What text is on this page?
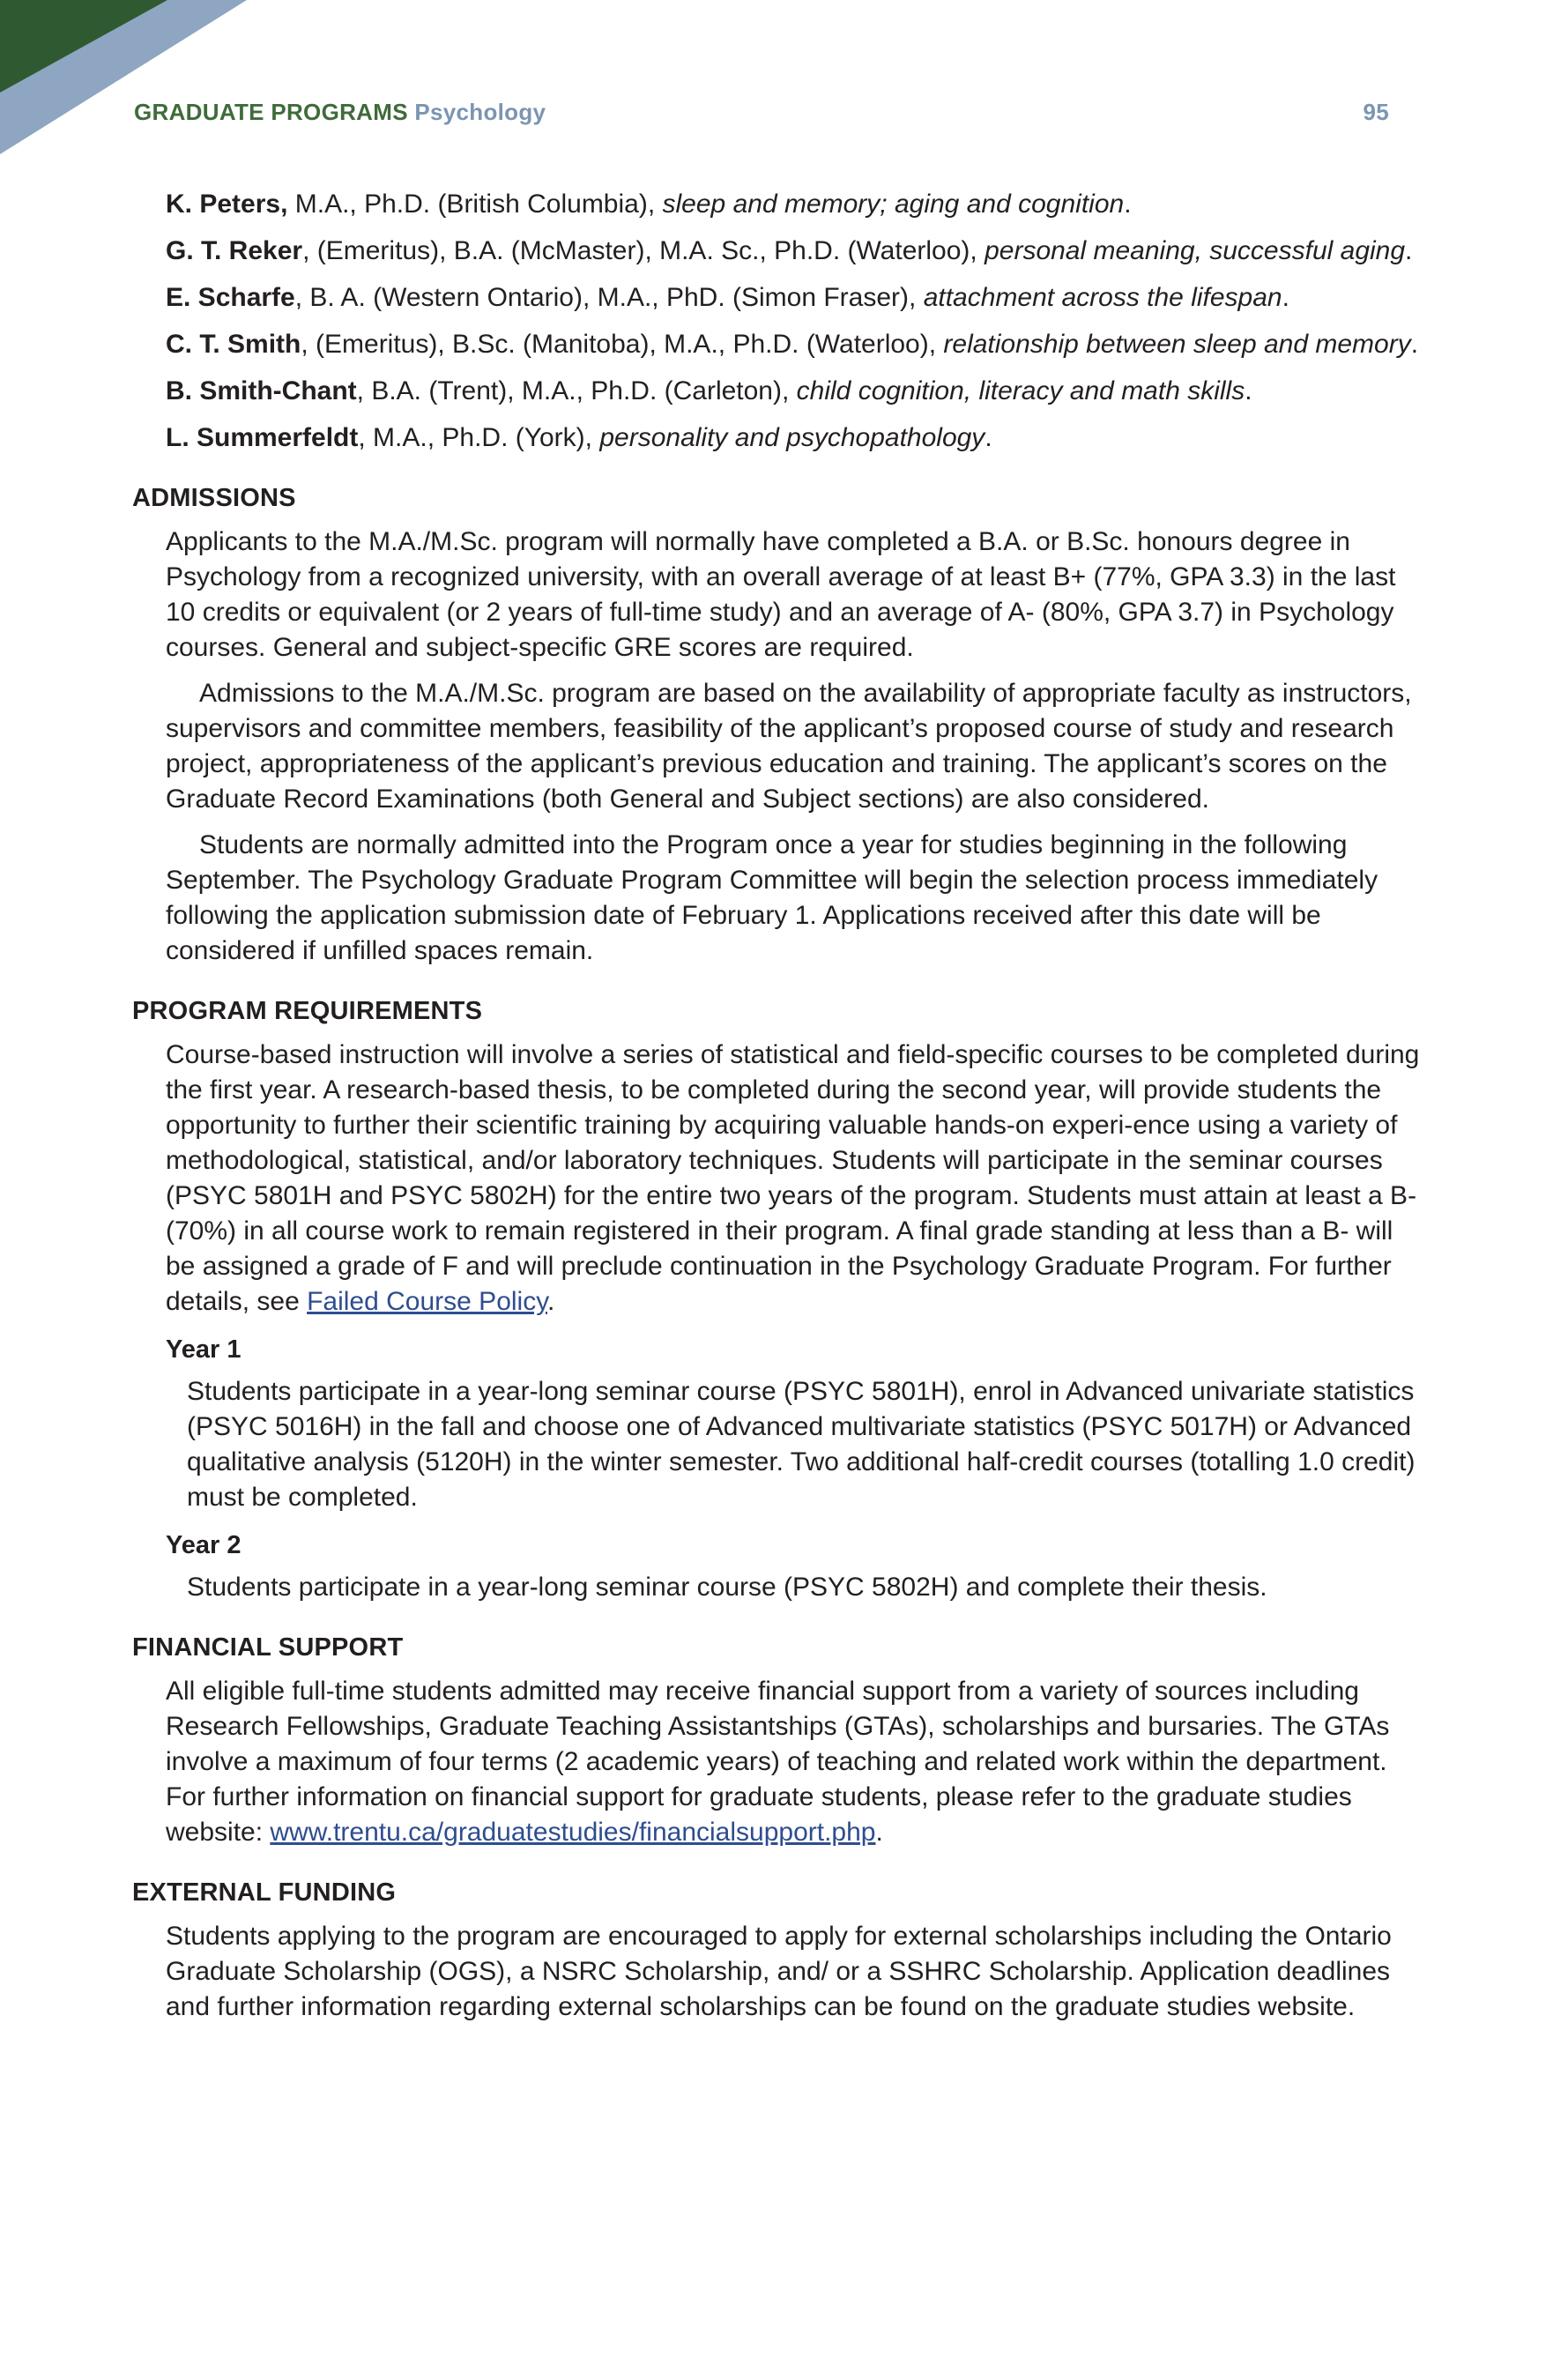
GRADUATE PROGRAMS Psychology	95
K. Peters, M.A., Ph.D. (British Columbia), sleep and memory; aging and cognition.
G. T. Reker, (Emeritus), B.A. (McMaster), M.A. Sc., Ph.D. (Waterloo), personal meaning, successful aging.
E. Scharfe, B. A. (Western Ontario), M.A., PhD. (Simon Fraser), attachment across the lifespan.
C. T. Smith, (Emeritus), B.Sc. (Manitoba), M.A., Ph.D. (Waterloo), relationship between sleep and memory.
B. Smith-Chant, B.A. (Trent), M.A., Ph.D. (Carleton), child cognition, literacy and math skills.
L. Summerfeldt, M.A., Ph.D. (York), personality and psychopathology.
ADMISSIONS

Applicants to the M.A./M.Sc. program will normally have completed a B.A. or B.Sc. honours degree in Psychology from a recognized university, with an overall average of at least B+ (77%, GPA 3.3) in the last 10 credits or equivalent (or 2 years of full-time study) and an average of A- (80%, GPA 3.7) in Psychology courses. General and subject-specific GRE scores are required.

Admissions to the M.A./M.Sc. program are based on the availability of appropriate faculty as instructors, supervisors and committee members, feasibility of the applicant’s proposed course of study and research project, appropriateness of the applicant’s previous education and training. The applicant’s scores on the Graduate Record Examinations (both General and Subject sections) are also considered.

Students are normally admitted into the Program once a year for studies beginning in the following September. The Psychology Graduate Program Committee will begin the selection process immediately following the application submission date of February 1. Applications received after this date will be considered if unfilled spaces remain.

PROGRAM REQUIREMENTS

Course-based instruction will involve a series of statistical and field-specific courses to be completed during the first year. A research-based thesis, to be completed during the second year, will provide students the opportunity to further their scientific training by acquiring valuable hands-on experi-ence using a variety of methodological, statistical, and/or laboratory techniques. Students will participate in the seminar courses (PSYC 5801H and PSYC 5802H) for the entire two years of the program. Students must attain at least a B- (70%) in all course work to remain registered in their program. A final grade standing at less than a B- will be assigned a grade of F and will preclude continuation in the Psychology Graduate Program. For further details, see Failed Course Policy.

Year 1

Students participate in a year-long seminar course (PSYC 5801H), enrol in Advanced univariate statistics (PSYC 5016H) in the fall and choose one of Advanced multivariate statistics (PSYC 5017H) or Advanced qualitative analysis (5120H) in the winter semester. Two additional half-credit courses (totalling 1.0 credit) must be completed.

Year 2

Students participate in a year-long seminar course (PSYC 5802H) and complete their thesis.

FINANCIAL SUPPORT

All eligible full-time students admitted may receive financial support from a variety of sources including Research Fellowships, Graduate Teaching Assistantships (GTAs), scholarships and bursaries. The GTAs involve a maximum of four terms (2 academic years) of teaching and related work within the department. For further information on financial support for graduate students, please refer to the graduate studies website: www.trentu.ca/graduatestudies/financialsupport.php.

EXTERNAL FUNDING

Students applying to the program are encouraged to apply for external scholarships including the Ontario Graduate Scholarship (OGS), a NSRC Scholarship, and/ or a SSHRC Scholarship. Application deadlines and further information regarding external scholarships can be found on the graduate studies website.
